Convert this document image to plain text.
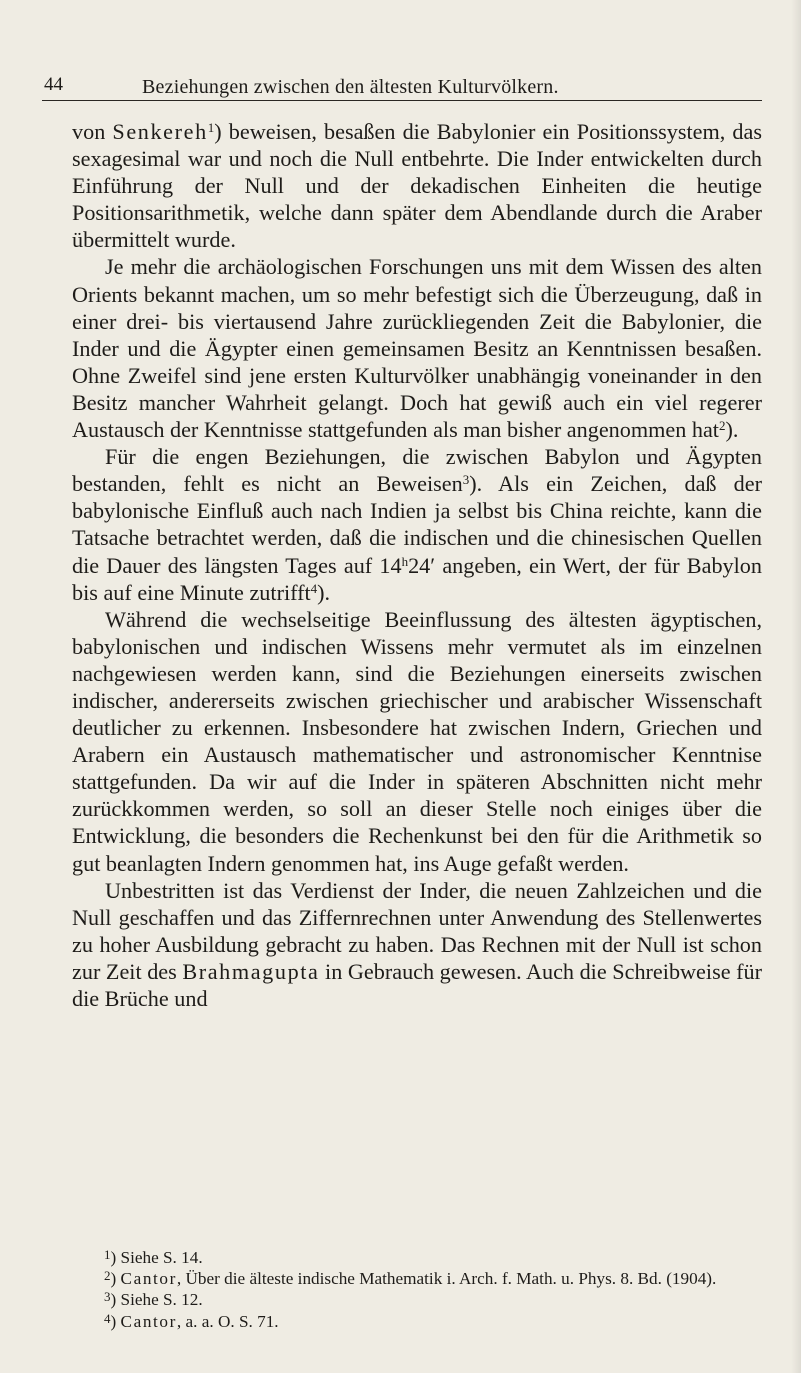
44	Beziehungen zwischen den ältesten Kulturvölkern.

von Senkereh$^1$) beweisen, besaßen die Babylonier ein Positionssystem, das sexagesimal war und noch die Null entbehrte. Die Inder entwickelten durch Einführung der Null und der dekadischen Einheiten die heutige Positionsarithmetik, welche dann später dem Abendlande durch die Araber übermittelt wurde.

Je mehr die archäologischen Forschungen uns mit dem Wissen des alten Orients bekannt machen, um so mehr befestigt sich die Überzeugung, daß in einer drei- bis viertausend Jahre zurückliegenden Zeit die Babylonier, die Inder und die Ägypter einen gemeinsamen Besitz an Kenntnissen besaßen. Ohne Zweifel sind jene ersten Kulturvölker unabhängig voneinander in den Besitz mancher Wahrheit gelangt. Doch hat gewiß auch ein viel regerer Austausch der Kenntnisse stattgefunden als man bisher angenommen hat$^2$).

Für die engen Beziehungen, die zwischen Babylon und Ägypten bestanden, fehlt es nicht an Beweisen$^3$). Als ein Zeichen, daß der babylonische Einfluß auch nach Indien ja selbst bis China reichte, kann die Tatsache betrachtet werden, daß die indischen und die chinesischen Quellen die Dauer des längsten Tages auf 14$^h$24′ angeben, ein Wert, der für Babylon bis auf eine Minute zutrifft$^4$).

Während die wechselseitige Beeinflussung des ältesten ägyptischen, babylonischen und indischen Wissens mehr vermutet als im einzelnen nachgewiesen werden kann, sind die Beziehungen einerseits zwischen indischer, andererseits zwischen griechischer und arabischer Wissenschaft deutlicher zu erkennen. Insbesondere hat zwischen Indern, Griechen und Arabern ein Austausch mathematischer und astronomischer Kenntnise stattgefunden. Da wir auf die Inder in späteren Abschnitten nicht mehr zurückkommen werden, so soll an dieser Stelle noch einiges über die Entwicklung, die besonders die Rechenkunst bei den für die Arithmetik so gut beanlagten Indern genommen hat, ins Auge gefaßt werden.

Unbestritten ist das Verdienst der Inder, die neuen Zahlzeichen und die Null geschaffen und das Ziffernrechnen unter Anwendung des Stellenwertes zu hoher Ausbildung gebracht zu haben. Das Rechnen mit der Null ist schon zur Zeit des Brahmagupta in Gebrauch gewesen. Auch die Schreibweise für die Brüche und

$^1$) Siehe S. 14.

$^2$) Cantor, Über die älteste indische Mathematik i. Arch. f. Math. u. Phys. 8. Bd. (1904).

$^3$) Siehe S. 12.

$^4$) Cantor, a. a. O. S. 71.
